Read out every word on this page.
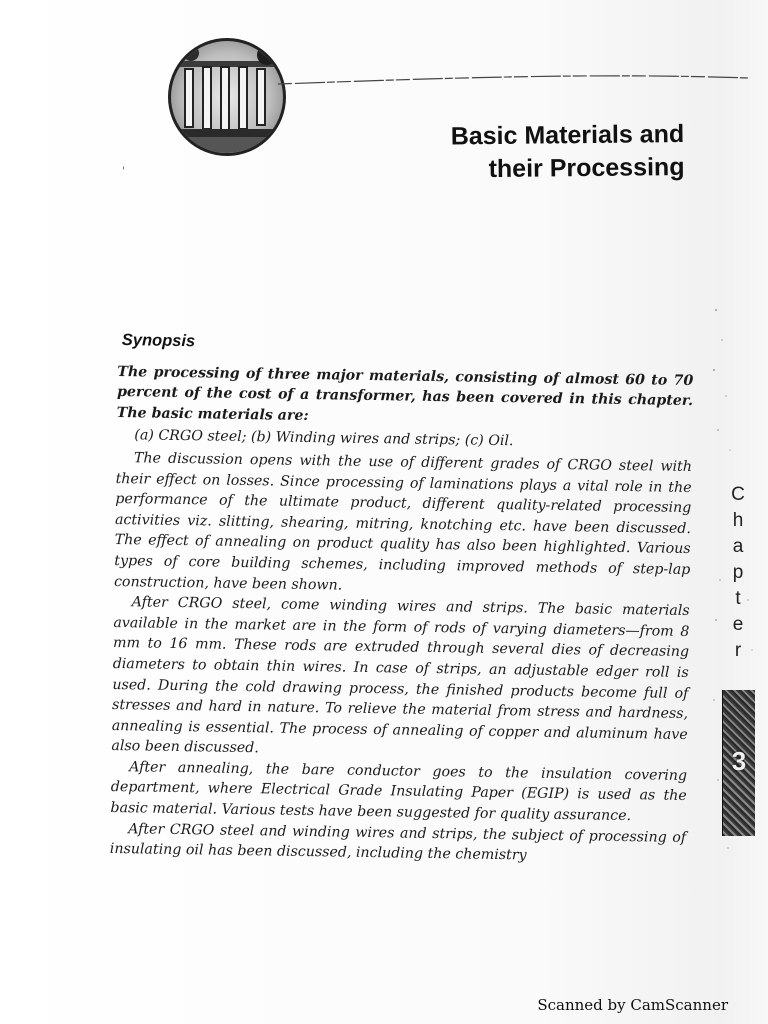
Basic Materials and
their Processing
Synopsis

The processing of three major materials, consisting of almost 60 to 70 percent of the cost of a transformer, has been covered in this chapter. The basic materials are:

(a) CRGO steel; (b) Winding wires and strips; (c) Oil.

The discussion opens with the use of different grades of CRGO steel with their effect on losses. Since processing of laminations plays a vital role in the performance of the ultimate product, different quality-related processing activities viz. slitting, shearing, mitring, knotching etc. have been discussed. The effect of annealing on product quality has also been highlighted. Various types of core building schemes, including improved methods of step-lap construction, have been shown.

After CRGO steel, come winding wires and strips. The basic materials available in the market are in the form of rods of varying diameters—from 8 mm to 16 mm. These rods are extruded through several dies of decreasing diameters to obtain thin wires. In case of strips, an adjustable edger roll is used. During the cold drawing process, the finished products become full of stresses and hard in nature. To relieve the material from stress and hardness, annealing is essential. The process of annealing of copper and aluminum have also been discussed.

After annealing, the bare conductor goes to the insulation covering department, where Electrical Grade Insulating Paper (EGIP) is used as the basic material. Various tests have been suggested for quality assurance.

After CRGO steel and winding wires and strips, the subject of processing of insulating oil has been discussed, including the chemistry

C
h
a
p
t
e
r
3
'
Scanned by CamScanner
